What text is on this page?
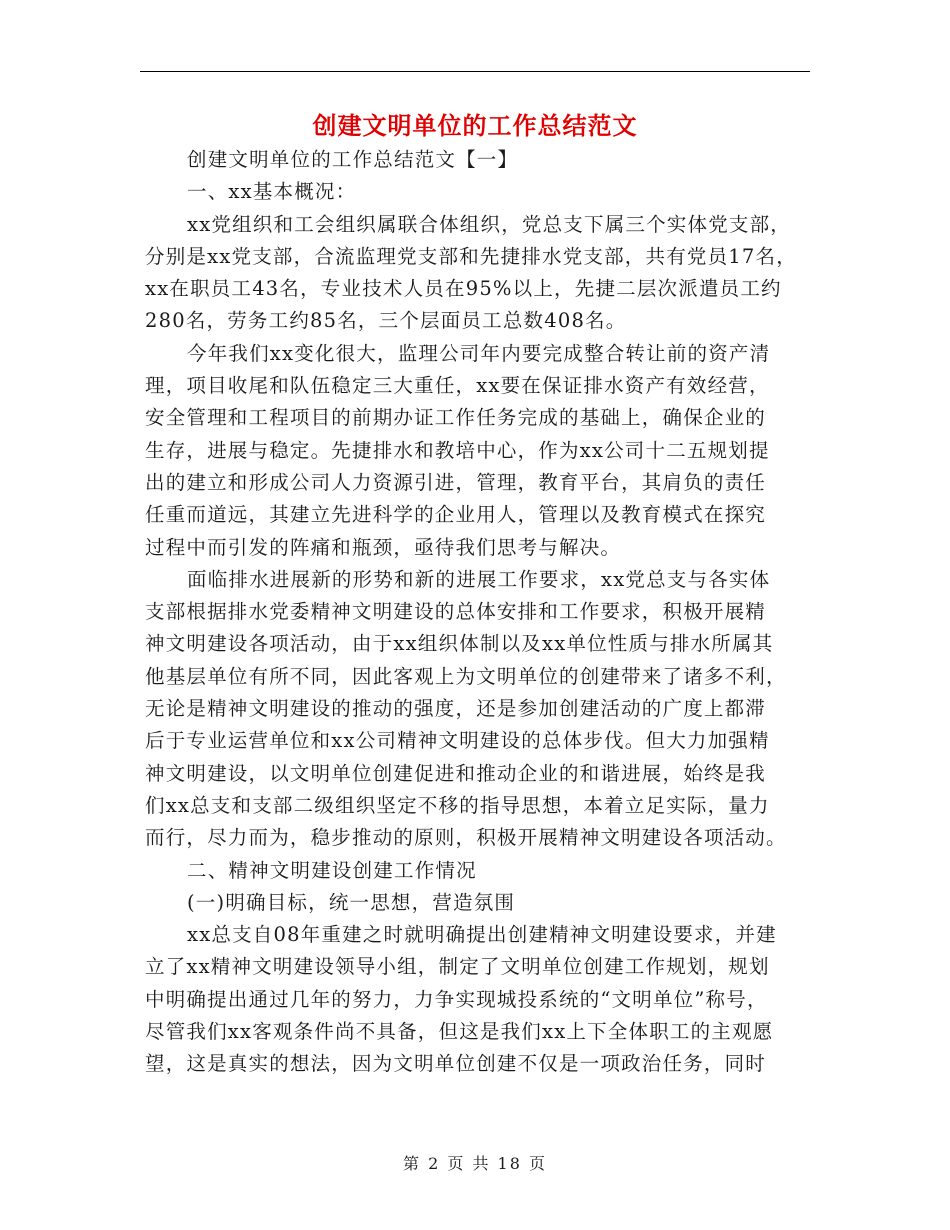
创建文明单位的工作总结范文
创建文明单位的工作总结范文【一】
一、xx基本概况：
xx党组织和工会组织属联合体组织，党总支下属三个实体党支部，
分别是xx党支部，合流监理党支部和先捷排水党支部，共有党员17名，
xx在职员工43名，专业技术人员在95%以上，先捷二层次派遣员工约
280名，劳务工约85名，三个层面员工总数408名。
今年我们xx变化很大，监理公司年内要完成整合转让前的资产清
理，项目收尾和队伍稳定三大重任，xx要在保证排水资产有效经营，
安全管理和工程项目的前期办证工作任务完成的基础上，确保企业的
生存，进展与稳定。先捷排水和教培中心，作为xx公司十二五规划提
出的建立和形成公司人力资源引进，管理，教育平台，其肩负的责任
任重而道远，其建立先进科学的企业用人，管理以及教育模式在探究
过程中而引发的阵痛和瓶颈，亟待我们思考与解决。
面临排水进展新的形势和新的进展工作要求，xx党总支与各实体
支部根据排水党委精神文明建设的总体安排和工作要求，积极开展精
神文明建设各项活动，由于xx组织体制以及xx单位性质与排水所属其
他基层单位有所不同，因此客观上为文明单位的创建带来了诸多不利，
无论是精神文明建设的推动的强度，还是参加创建活动的广度上都滞
后于专业运营单位和xx公司精神文明建设的总体步伐。但大力加强精
神文明建设，以文明单位创建促进和推动企业的和谐进展，始终是我
们xx总支和支部二级组织坚定不移的指导思想，本着立足实际，量力
而行，尽力而为，稳步推动的原则，积极开展精神文明建设各项活动。
二、精神文明建设创建工作情况
(一)明确目标，统一思想，营造氛围
xx总支自08年重建之时就明确提出创建精神文明建设要求，并建
立了xx精神文明建设领导小组，制定了文明单位创建工作规划，规划
中明确提出通过几年的努力，力争实现城投系统的“文明单位”称号，
尽管我们xx客观条件尚不具备，但这是我们xx上下全体职工的主观愿
望，这是真实的想法，因为文明单位创建不仅是一项政治任务，同时
第 2 页 共 18 页
